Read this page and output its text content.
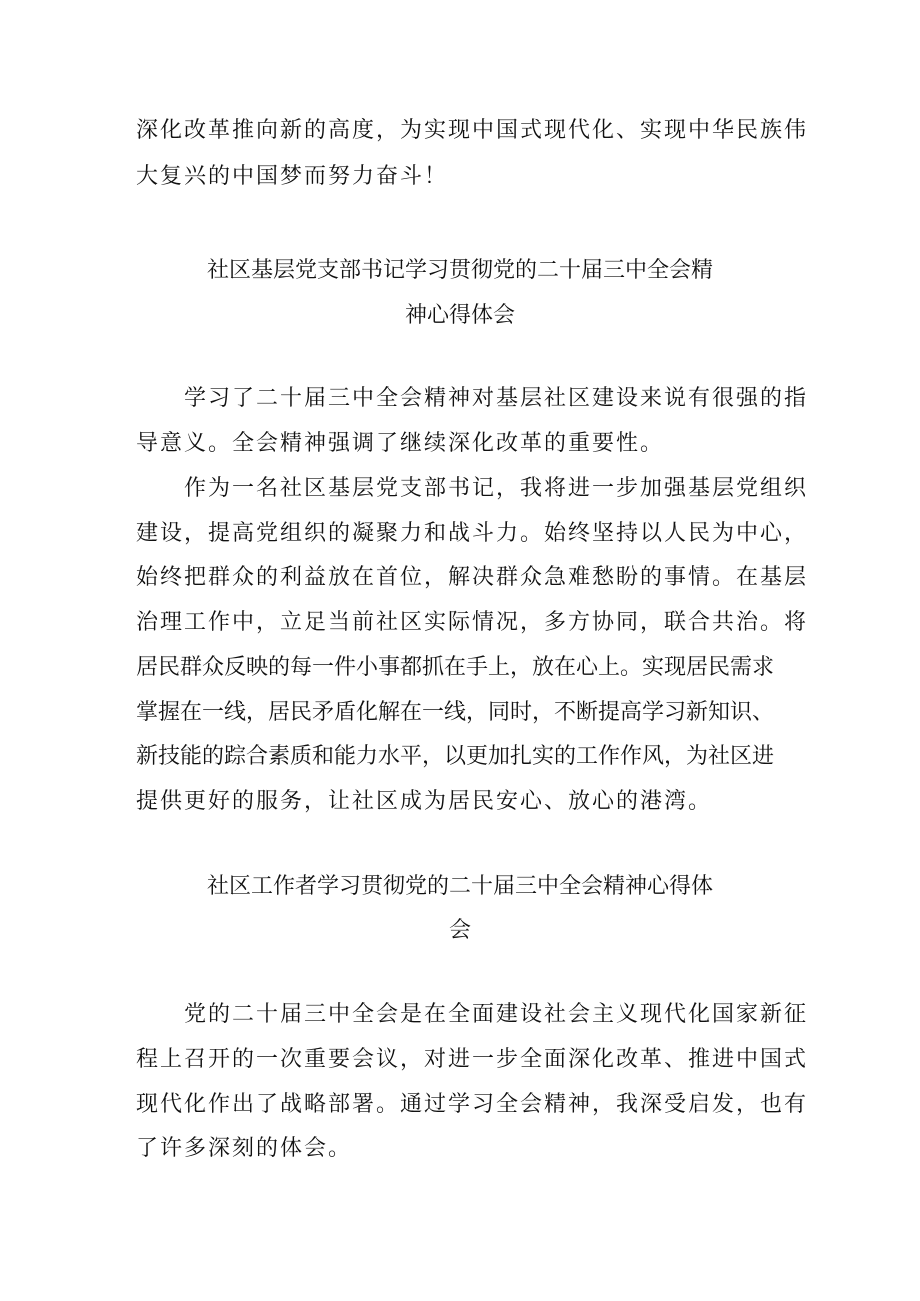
深化改革推向新的高度，为实现中国式现代化、实现中华民族伟
大复兴的中国梦而努力奋斗！
社区基层党支部书记学习贯彻党的二十届三中全会精
神心得体会
学习了二十届三中全会精神对基层社区建设来说有很强的指
导意义。全会精神强调了继续深化改革的重要性。
作为一名社区基层党支部书记，我将进一步加强基层党组织
建设，提高党组织的凝聚力和战斗力。始终坚持以人民为中心，
始终把群众的利益放在首位，解决群众急难愁盼的事情。在基层
治理工作中，立足当前社区实际情况，多方协同，联合共治。将
居民群众反映的每一件小事都抓在手上，放在心上。实现居民需求
掌握在一线，居民矛盾化解在一线，同时，不断提高学习新知识、
新技能的踪合素质和能力水平，以更加扎实的工作作风，为社区进
提供更好的服务，让社区成为居民安心、放心的港湾。
社区工作者学习贯彻党的二十届三中全会精神心得体
会
党的二十届三中全会是在全面建设社会主义现代化国家新征
程上召开的一次重要会议，对进一步全面深化改革、推进中国式
现代化作出了战略部署。通过学习全会精神，我深受启发，也有
了许多深刻的体会。
